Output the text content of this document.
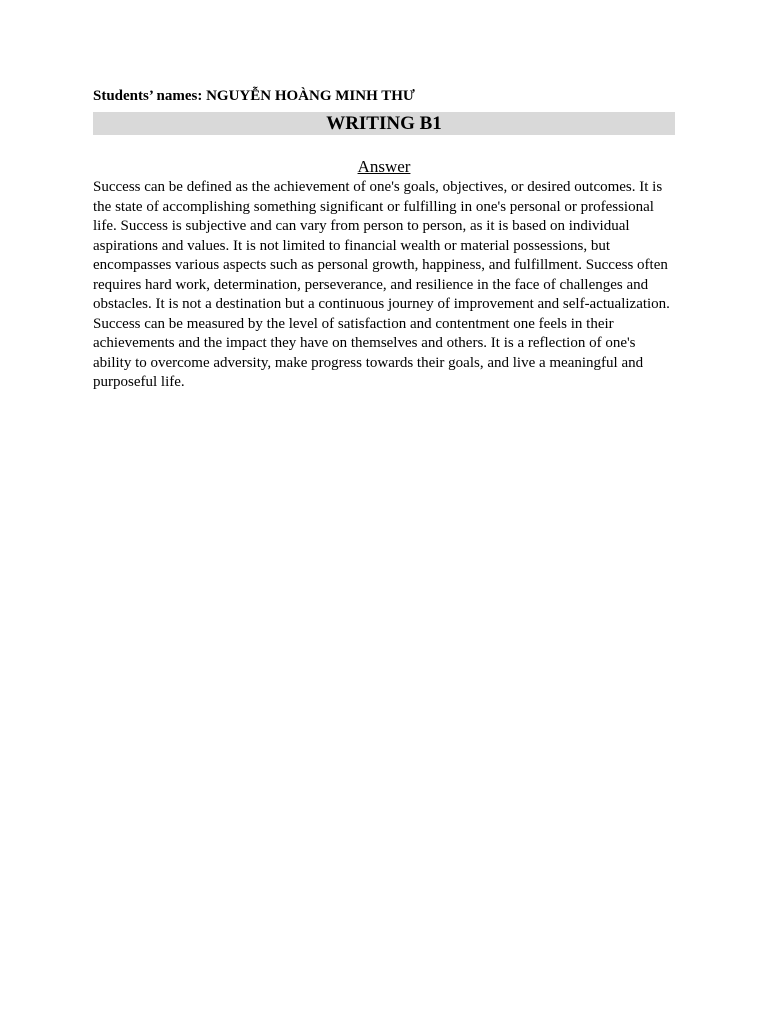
Students’ names: NGUYỄN HOÀNG MINH THƯ

WRITING B1
Answer

Success can be defined as the achievement of one's goals, objectives, or desired outcomes. It is the state of accomplishing something significant or fulfilling in one's personal or professional life. Success is subjective and can vary from person to person, as it is based on individual aspirations and values. It is not limited to financial wealth or material possessions, but encompasses various aspects such as personal growth, happiness, and fulfillment. Success often requires hard work, determination, perseverance, and resilience in the face of challenges and obstacles. It is not a destination but a continuous journey of improvement and self-actualization. Success can be measured by the level of satisfaction and contentment one feels in their achievements and the impact they have on themselves and others. It is a reflection of one's ability to overcome adversity, make progress towards their goals, and live a meaningful and purposeful life.
